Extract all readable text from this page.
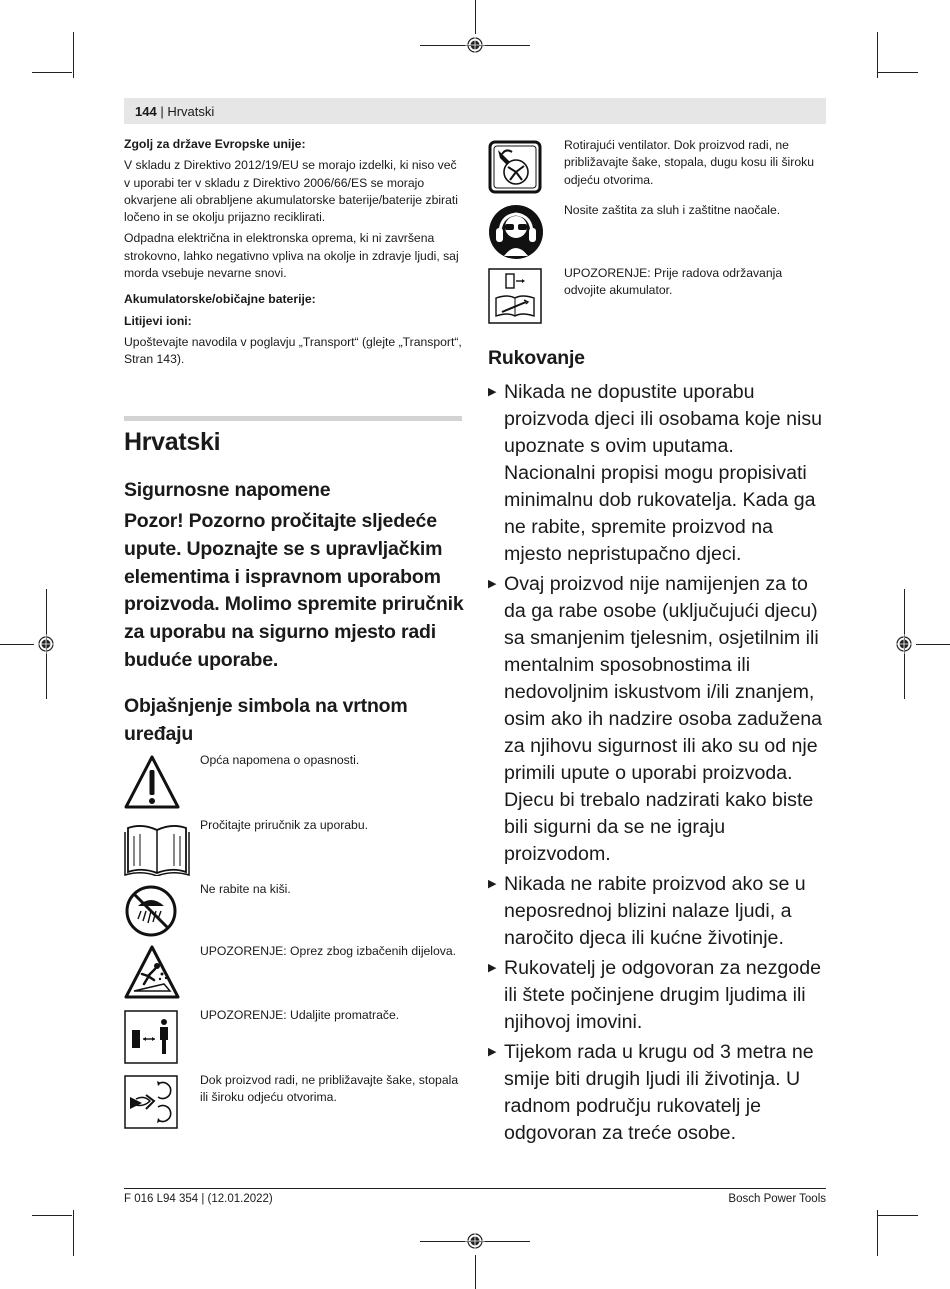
144 | Hrvatski

Zgolj za države Evropske unije:

V skladu z Direktivo 2012/19/EU se morajo izdelki, ki niso več v uporabi ter v skladu z Direktivo 2006/66/ES se morajo okvarjene ali obrabljene akumulatorske baterije/baterije zbirati ločeno in se okolju prijazno reciklirati.

Odpadna električna in elektronska oprema, ki ni završena strokovno, lahko negativno vpliva na okolje in zdravje ljudi, saj morda vsebuje nevarne snovi.

Akumulatorske/običajne baterije:

Litijevi ioni:

Upoštevajte navodila v poglavju „Transport“ (glejte „Transport“, Stran 143).

Hrvatski
Sigurnosne napomene
Pozor! Pozorno pročitajte sljedeće upute. Upoznajte se s upravljačkim elementima i ispravnom uporabom proizvoda. Molimo spremite priručnik za uporabu na sigurno mjesto radi buduće uporabe.
Objašnjenje simbola na vrtnom uređaju
Opća napomena o opasnosti.
Pročitajte priručnik za uporabu.
Ne rabite na kiši.
UPOZORENJE: Oprez zbog izbačenih dijelova.
UPOZORENJE: Udaljite promatrače.
Dok proizvod radi, ne približavajte šake, stopala ili široku odjeću otvorima.
Rotirajući ventilator. Dok proizvod radi, ne približavajte šake, stopala, dugu kosu ili široku odjeću otvorima.
Nosite zaštita za sluh i zaštitne naočale.
UPOZORENJE: Prije radova održavanja odvojite akumulator.
Rukovanje
▶ Nikada ne dopustite uporabu proizvoda djeci ili osobama koje nisu upoznate s ovim uputama. Nacionalni propisi mogu propisivati minimalnu dob rukovatelja. Kada ga ne rabite, spremite proizvod na mjesto nepristupačno djeci.
▶ Ovaj proizvod nije namijenjen za to da ga rabe osobe (uključujući djecu) sa smanjenim tjelesnim, osjetilnim ili mentalnim sposobnostima ili nedovoljnim iskustvom i/ili znanjem, osim ako ih nadzire osoba zadužena za njihovu sigurnost ili ako su od nje primili upute o uporabi proizvoda. Djecu bi trebalo nadzirati kako biste bili sigurni da se ne igraju proizvodom.
▶ Nikada ne rabite proizvod ako se u neposrednoj blizini nalaze ljudi, a naročito djeca ili kućne životinje.
▶ Rukovatelj je odgovoran za nezgode ili štete počinjene drugim ljudima ili njihovoj imovini.
▶ Tijekom rada u krugu od 3 metra ne smije biti drugih ljudi ili životinja. U radnom području rukovatelj je odgovoran za treće osobe.
F 016 L94 354 | (12.01.2022)	Bosch Power Tools
